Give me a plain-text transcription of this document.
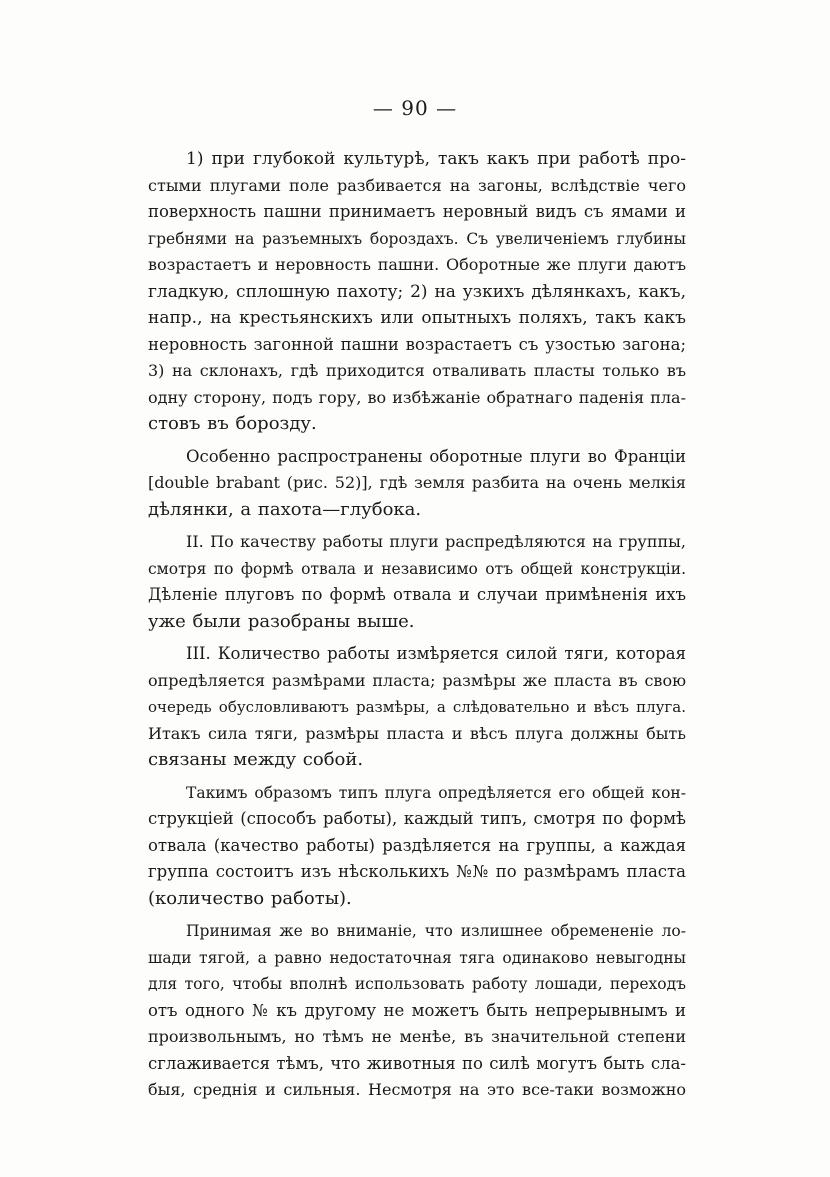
— 90 —
1) при глубокой культурѣ, такъ какъ при работѣ про-
стыми плугами поле разбивается на загоны, вслѣдствіе чего
поверхность пашни принимаетъ неровный видъ съ ямами и
гребнями на разъемныхъ бороздахъ. Съ увеличеніемъ глубины
возрастаетъ и неровность пашни. Оборотные же плуги даютъ
гладкую, сплошную пахоту; 2) на узкихъ дѣлянкахъ, какъ,
напр., на крестьянскихъ или опытныхъ поляхъ, такъ какъ
неровность загонной пашни возрастаетъ съ узостью загона;
3) на склонахъ, гдѣ приходится отваливать пласты только въ
одну сторону, подъ гору, во избѣжаніе обратнаго паденія пла-
стовъ въ борозду.
Особенно распространены оборотные плуги во Франціи
[double brabant (рис. 52)], гдѣ земля разбита на очень мелкія
дѣлянки, а пахота—глубока.
II. По качеству работы плуги распредѣляются на группы,
смотря по формѣ отвала и независимо отъ общей конструкціи.
Дѣленіе плуговъ по формѣ отвала и случаи примѣненія ихъ
уже были разобраны выше.
III. Количество работы измѣряется силой тяги, которая
опредѣляется размѣрами пласта; размѣры же пласта въ свою
очередь обусловливаютъ размѣры, а слѣдовательно и вѣсъ плуга.
Итакъ сила тяги, размѣры пласта и вѣсъ плуга должны быть
связаны между собой.
Такимъ образомъ типъ плуга опредѣляется его общей кон-
струкціей (способъ работы), каждый типъ, смотря по формѣ
отвала (качество работы) раздѣляется на группы, а каждая
группа состоитъ изъ нѣсколькихъ №№ по размѣрамъ пласта
(количество работы).
Принимая же во вниманіе, что излишнее обремененіе ло-
шади тягой, а равно недостаточная тяга одинаково невыгодны
для того, чтобы вполнѣ использовать работу лошади, переходъ
отъ одного № къ другому не можетъ быть непрерывнымъ и
произвольнымъ, но тѣмъ не менѣе, въ значительной степени
сглаживается тѣмъ, что животныя по силѣ могутъ быть сла-
быя, среднія и сильныя. Несмотря на это все-таки возможно
